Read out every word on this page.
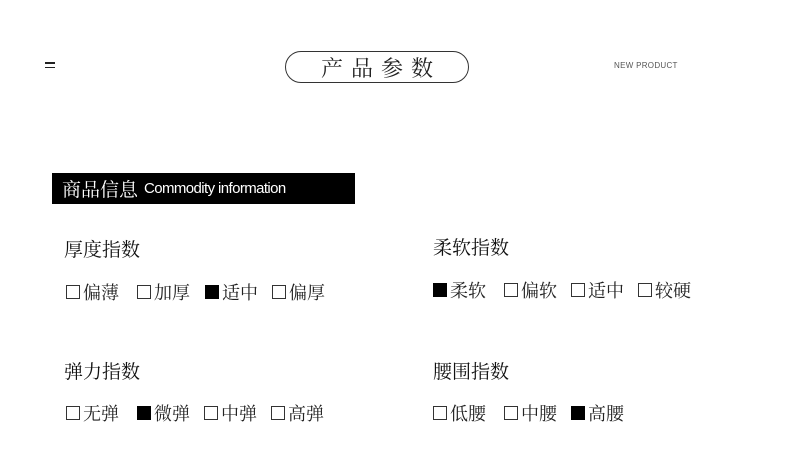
产品参数	NEW PRODUCT
商品信息 Commodity information
厚度指数
偏薄 加厚 适中 偏厚
柔软指数
柔软 偏软 适中 较硬
弹力指数
无弹 微弹 中弹 高弹
腰围指数
低腰 中腰 高腰
